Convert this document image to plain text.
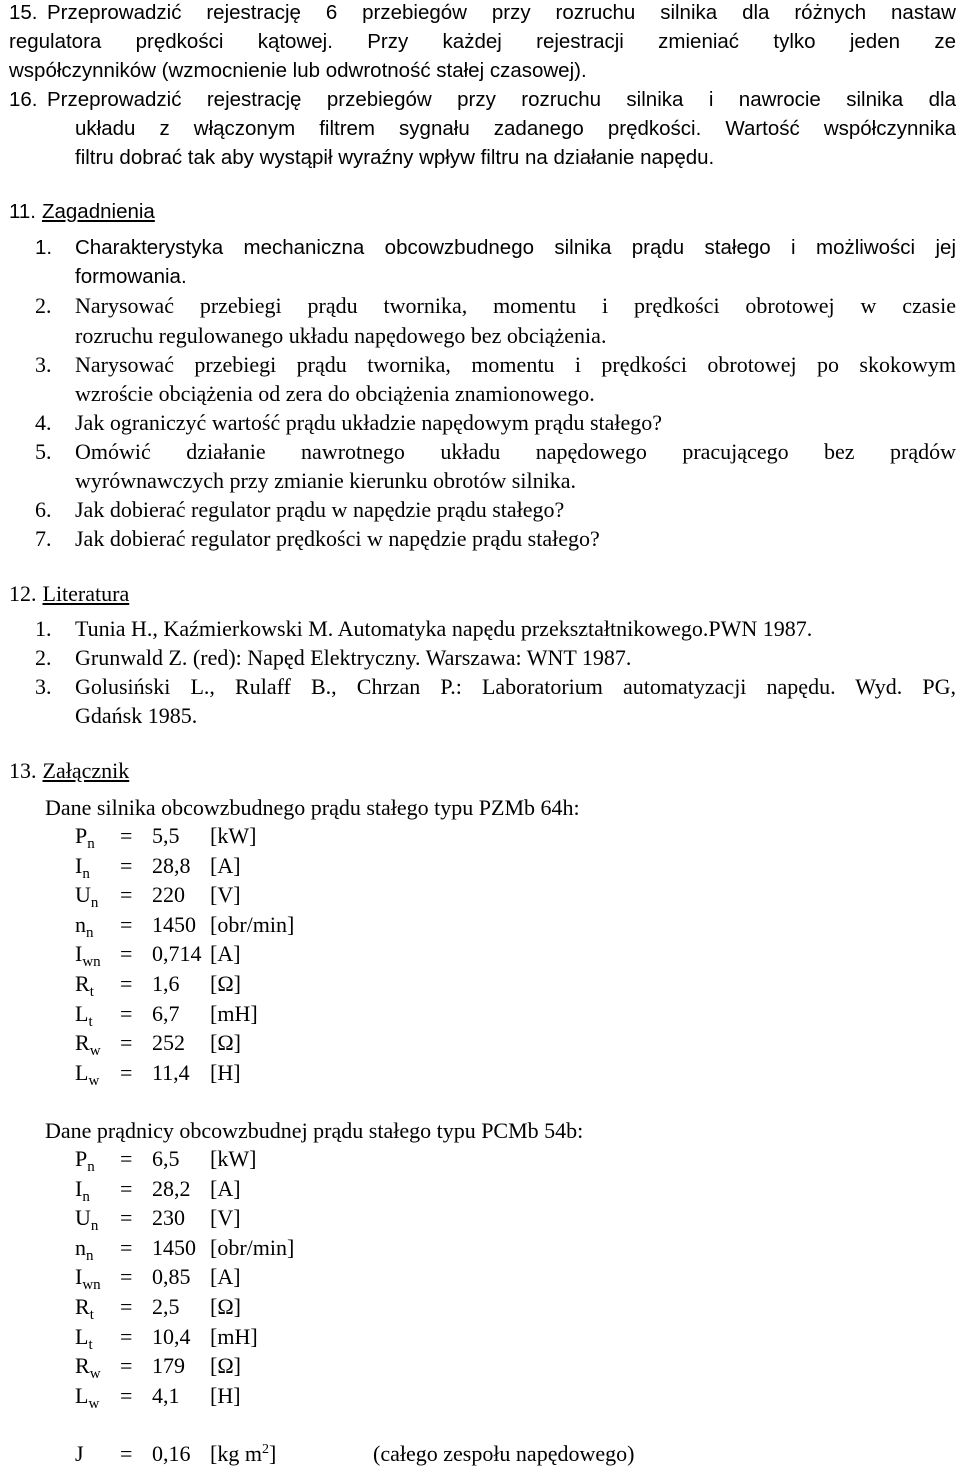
15. Przeprowadzić rejestrację 6 przebiegów przy rozruchu silnika dla różnych nastaw
regulatora prędkości kątowej. Przy każdej rejestracji zmieniać tylko jeden ze
współczynników (wzmocnienie lub odwrotność stałej czasowej).
16. Przeprowadzić rejestrację przebiegów przy rozruchu silnika i nawrocie silnika dla
układu z włączonym filtrem sygnału zadanego prędkości. Wartość współczynnika
filtru dobrać tak aby wystąpił wyraźny wpływ filtru na działanie napędu.
11. Zagadnienia
1. Charakterystyka mechaniczna obcowzbudnego silnika prądu stałego i możliwości jej
formowania.
2. Narysować przebiegi prądu twornika, momentu i prędkości obrotowej w czasie
rozruchu regulowanego układu napędowego bez obciążenia.
3. Narysować przebiegi prądu twornika, momentu i prędkości obrotowej po skokowym
wzroście obciążenia od zera do obciążenia znamionowego.
4. Jak ograniczyć wartość prądu układzie napędowym prądu stałego?
5. Omówić działanie nawrotnego układu napędowego pracującego bez prądów
wyrównawczych przy zmianie kierunku obrotów silnika.
6. Jak dobierać regulator prądu w napędzie prądu stałego?
7. Jak dobierać regulator prędkości w napędzie prądu stałego?
12. Literatura
1. Tunia H., Kaźmierkowski M. Automatyka napędu przekształtnikowego.PWN 1987.
2. Grunwald Z. (red): Napęd Elektryczny. Warszawa: WNT 1987.
3. Golusiński L., Rulaff B., Chrzan P.: Laboratorium automatyzacji napędu. Wyd. PG,
Gdańsk 1985.
13. Załącznik
Dane silnika obcowzbudnego prądu stałego typu PZMb 64h:
$P_n = 5,5$ [kW]
$I_n = 28,8$ [A]
$U_n = 220$ [V]
$n_n = 1450$ [obr/min]
$I_{wn} = 0,714$ [A]
$R_t = 1,6$ [Ω]
$L_t = 6,7$ [mH]
$R_w = 252$ [Ω]
$L_w = 11,4$ [H]
Dane prądnicy obcowzbudnej prądu stałego typu PCMb 54b:
$P_n = 6,5$ [kW]
$I_n = 28,2$ [A]
$U_n = 230$ [V]
$n_n = 1450$ [obr/min]
$I_{wn} = 0,85$ [A]
$R_t = 2,5$ [Ω]
$L_t = 10,4$ [mH]
$R_w = 179$ [Ω]
$L_w = 4,1$ [H]
J = 0,16 [kg $m^2$]	(całego zespołu napędowego)
